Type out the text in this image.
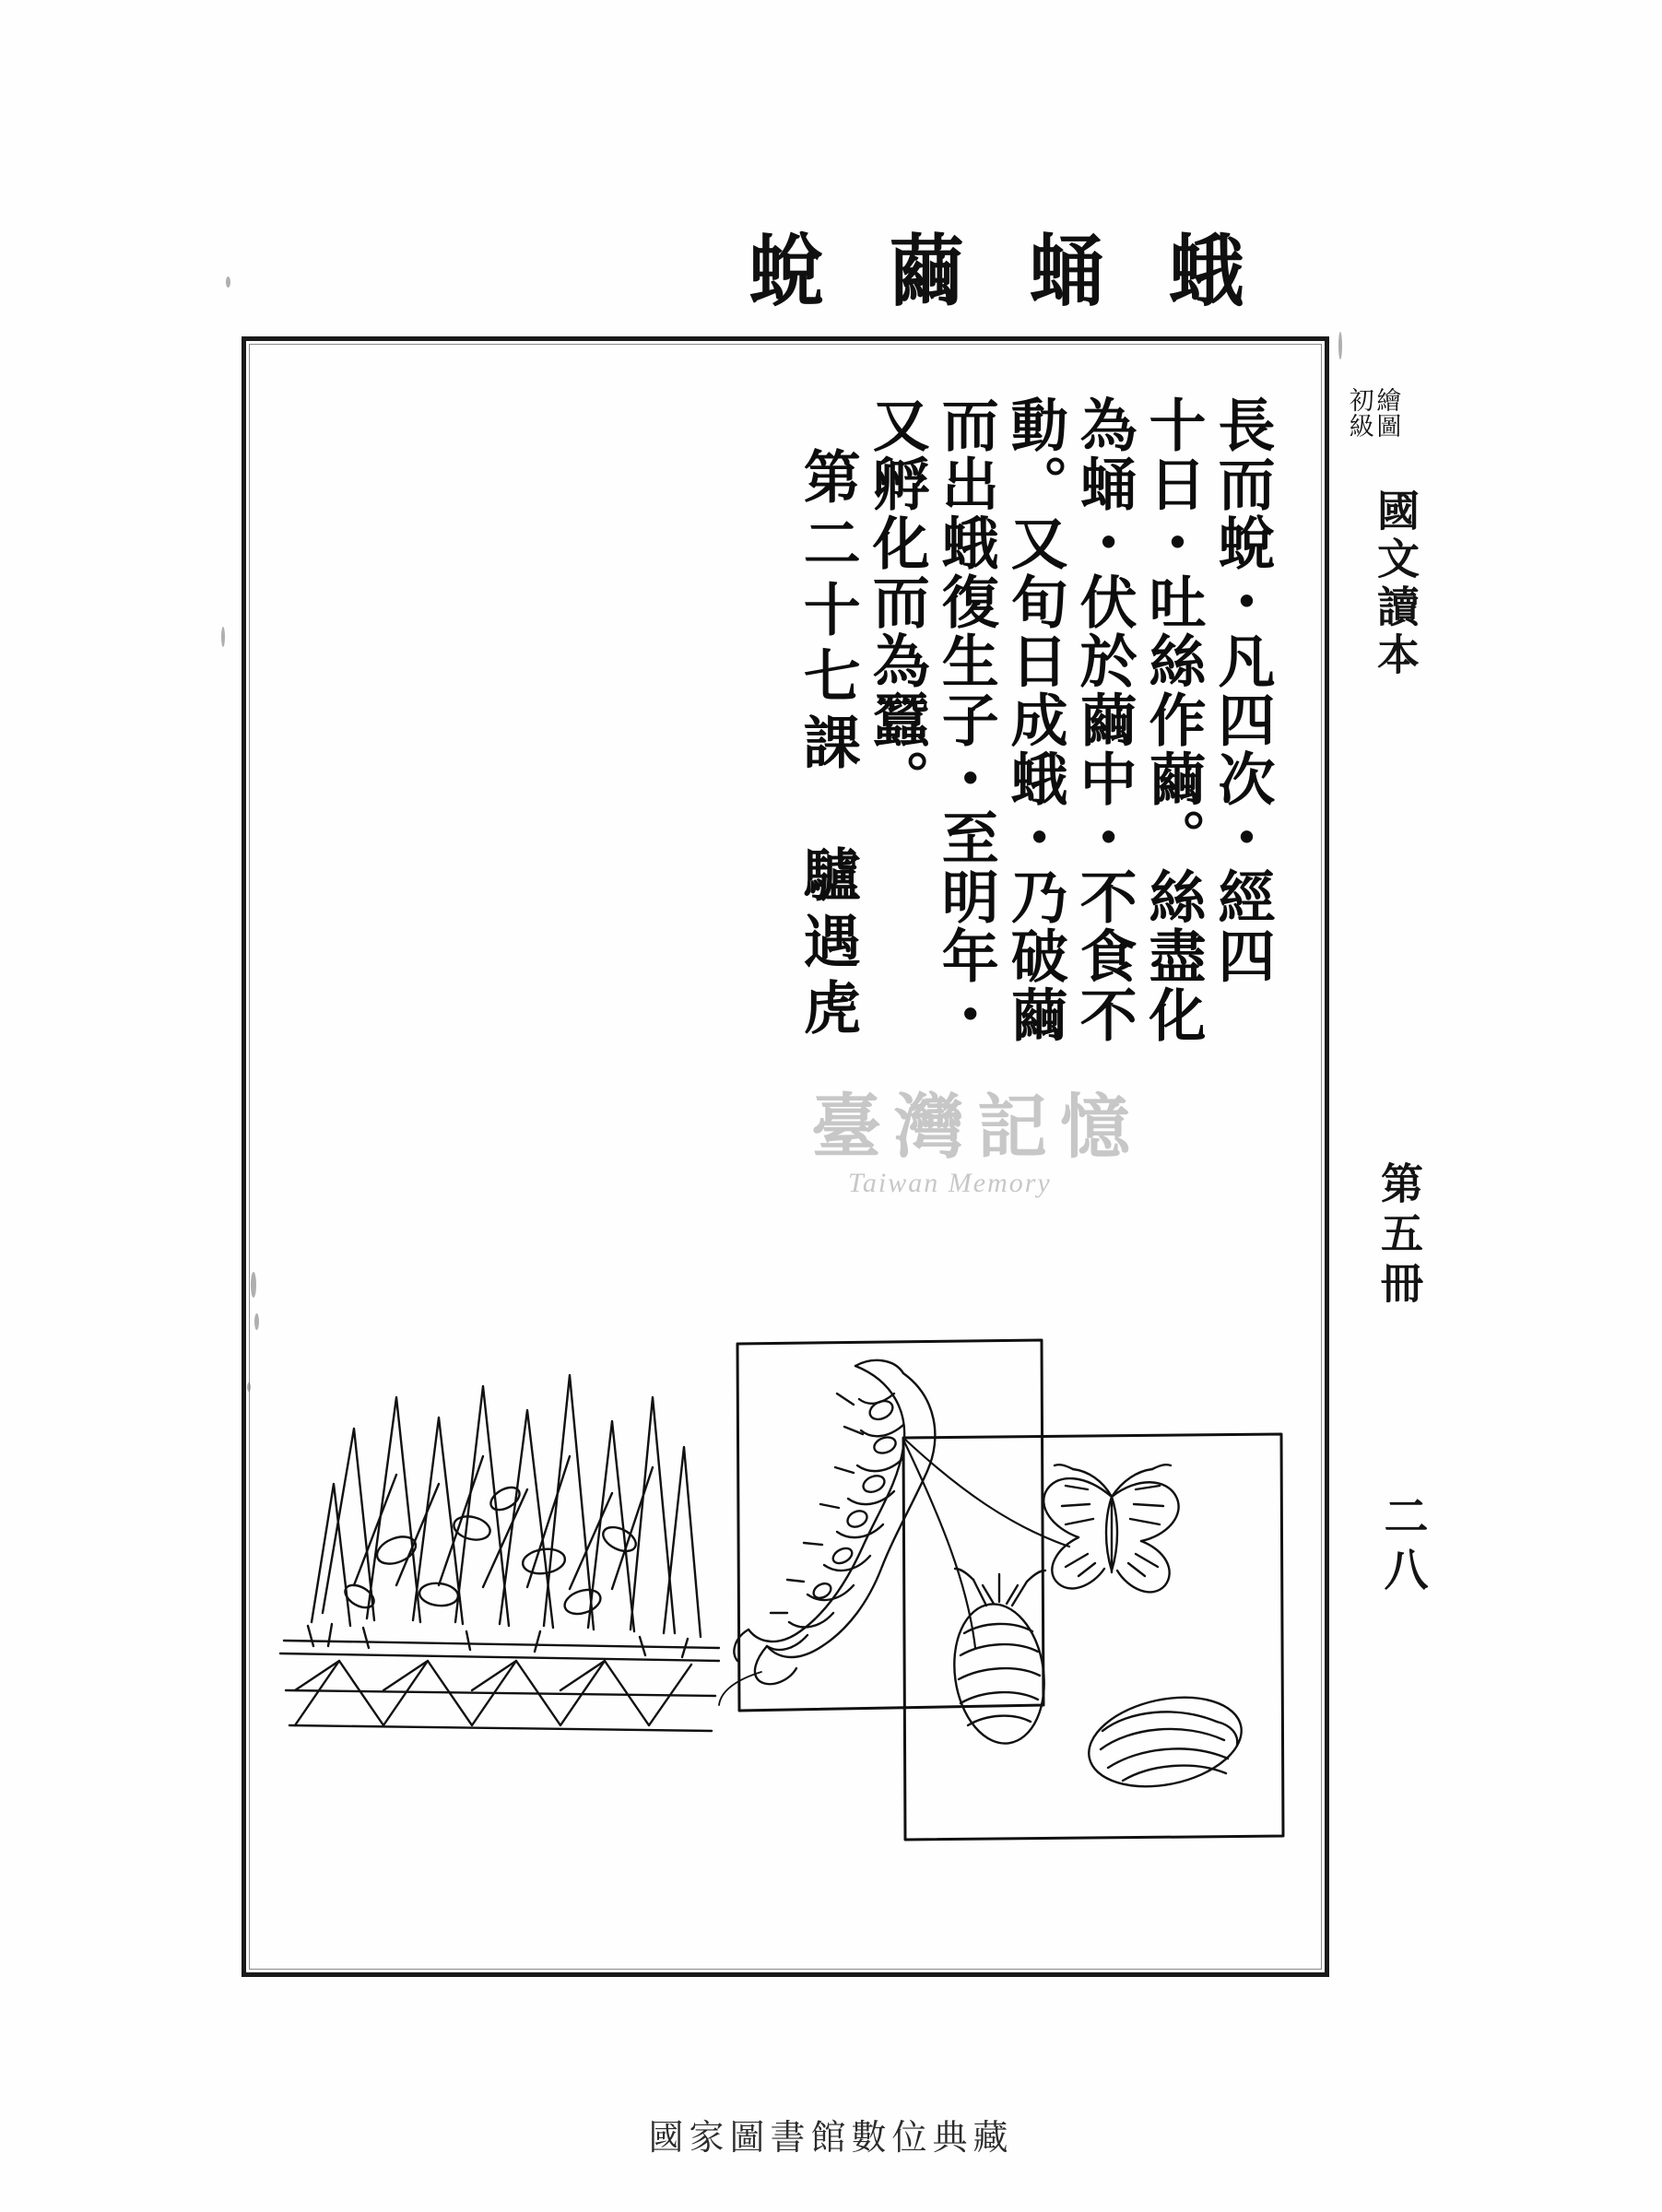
蛾
蛹
繭
蛻
長而蛻・凡四次・經四
十日・吐絲作繭。絲盡化
為蛹・伏於繭中・不食不
動。又旬日成蛾・乃破繭
而出蛾復生子・至明年・
又孵化而為蠶。
第二十七課　驢遇虎
繪圖
初級
國文讀本
第五冊
二八
臺灣記憶
Taiwan Memory
國家圖書館數位典藏
